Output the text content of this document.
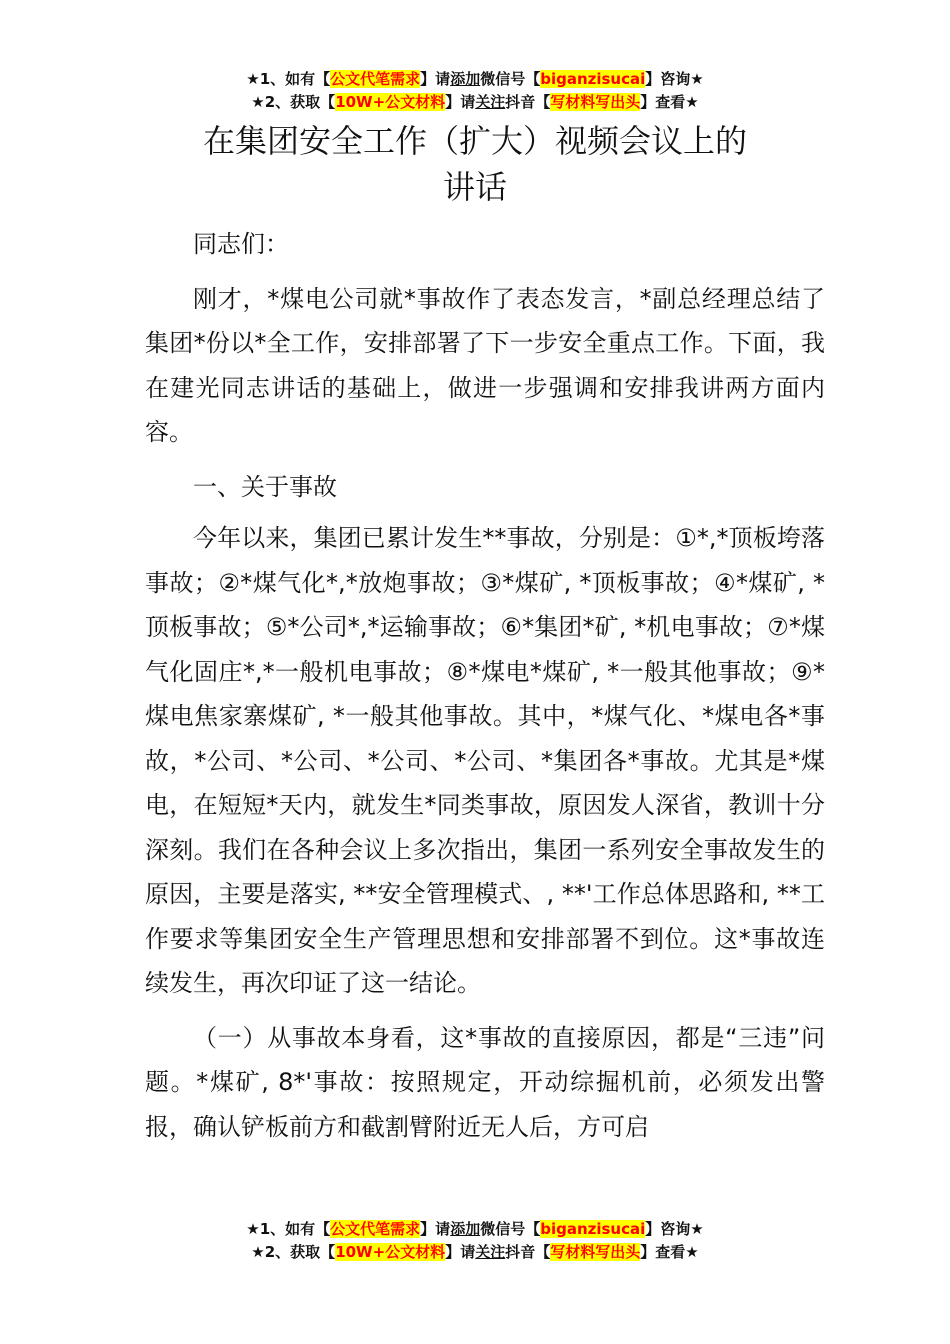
★1、如有【公文代笔需求】请添加微信号【biganzisucai】咨询★
★2、获取【10W+公文材料】请关注抖音【写材料写出头】查看★
在集团安全工作（扩大）视频会议上的
讲话

同志们：

刚才，*煤电公司就*事故作了表态发言，*副总经理总结了集团*份以*全工作，安排部署了下一步安全重点工作。下面，我在建光同志讲话的基础上，做进一步强调和安排我讲两方面内容。

一、关于事故

今年以来，集团已累计发生**事故，分别是：①*,*顶板垮落事故；②*煤气化*,*放炮事故；③*煤矿, *顶板事故；④*煤矿, *顶板事故；⑤*公司*,*运输事故；⑥*集团*矿, *机电事故；⑦*煤气化固庄*,*一般机电事故；⑧*煤电*煤矿, *一般其他事故；⑨*煤电焦家寨煤矿, *一般其他事故。其中，*煤气化、*煤电各*事故，*公司、*公司、*公司、*公司、*集团各*事故。尤其是*煤电，在短短*天内，就发生*同类事故，原因发人深省，教训十分深刻。我们在各种会议上多次指出，集团一系列安全事故发生的原因，主要是落实, **安全管理模式、, **'工作总体思路和, **工作要求等集团安全生产管理思想和安排部署不到位。这*事故连续发生，再次印证了这一结论。

（一）从事故本身看，这*事故的直接原因，都是“三违”问题。*煤矿, 8*'事故：按照规定，开动综掘机前，必须发出警报，确认铲板前方和截割臂附近无人后，方可启

★1、如有【公文代笔需求】请添加微信号【biganzisucai】咨询★
★2、获取【10W+公文材料】请关注抖音【写材料写出头】查看★
